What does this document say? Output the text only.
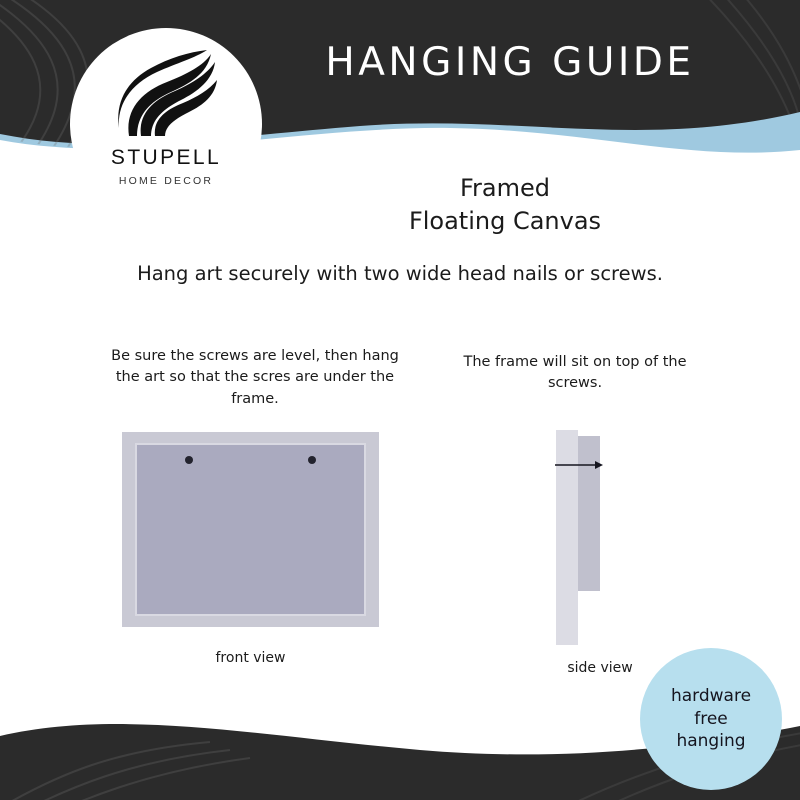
STUPELL
HOME DECOR
HANGING GUIDE
Framed
Floating Canvas
Hang art securely with two wide head nails or screws.
Be sure the screws are level, then hang the art so that the scres are under the frame.
The frame will sit on top of the screws.
front view
side view
hardware
free
hanging
